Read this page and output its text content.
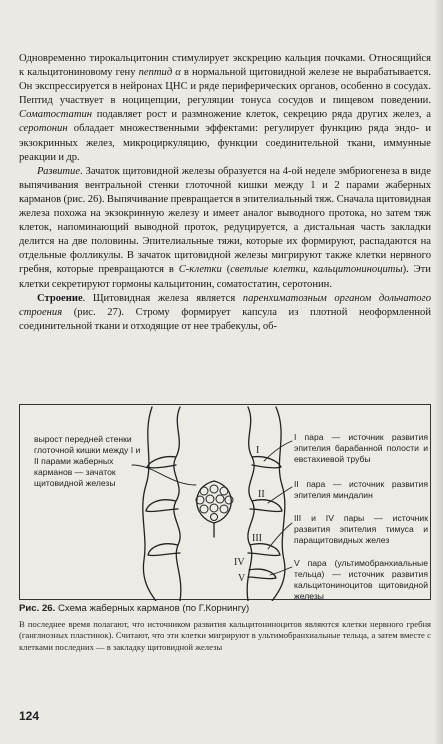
Одновременно тирокальцитонин стимулирует экскрецию кальция почками. Относящийся к кальцитониновому гену пептид α в нормальной щитовидной железе не вырабатывается. Он экспрессируется в нейронах ЦНС и ряде периферических органов, особенно в сосудах. Пептид участвует в ноцицепции, регуляции тонуса сосудов и пищевом поведении. Соматостатин подавляет рост и размножение клеток, секрецию ряда других желез, а серотонин обладает множественными эффектами: регулирует функцию ряда эндо- и экзокринных желез, микроциркуляцию, функции соединительной ткани, иммунные реакции и др.

Развитие. Зачаток щитовидной железы образуется на 4-ой неделе эмбриогенеза в виде выпячивания вентральной стенки глоточной кишки между 1 и 2 парами жаберных карманов (рис. 26). Выпячивание превращается в эпителиальный тяж. Сначала щитовидная железа похожа на экзокринную железу и имеет аналог выводного протока, но затем тяж клеток, напоминающий выводной проток, редуцируется, а дистальная часть закладки делится на две половины. Эпителиальные тяжи, которые их формируют, распадаются на отдельные фолликулы. В зачаток щитовидной железы мигрируют также клетки нервного гребня, которые превращаются в С-клетки (светлые клетки, кальцитониноциты). Эти клетки секретируют гормоны кальцитонин, соматостатин, серотонин.

Строение. Щитовидная железа является паренхиматозным органом дольчатого строения (рис. 27). Строму формирует капсула из плотной неоформленной соединительной ткани и отходящие от нее трабекулы, об-

I
II
III
IV
V
вырост передней стенки глоточной кишки между I и II парами жаберных карманов — зачаток щитовидной железы
I пара — источник развития эпителия барабанной полости и евстахиевой трубы
II пара — источник развития эпителия миндалин
III и IV пары — источник развития эпителия тимуса и паращитовидных желез
V пара (ультимобранхиальные тельца) — источник развития кальцитониноцитов щитовидной железы
Рис. 26. Схема жаберных карманов (по Г.Корнингу)
В последнее время полагают, что источником развития кальцитониноцитов являются клетки нервного гребня (ганглиозных пластинок). Считают, что эти клетки мигрируют в ультимобранхиальные тельца, а затем вместе с клетками последних — в закладку щитовидной железы
124
